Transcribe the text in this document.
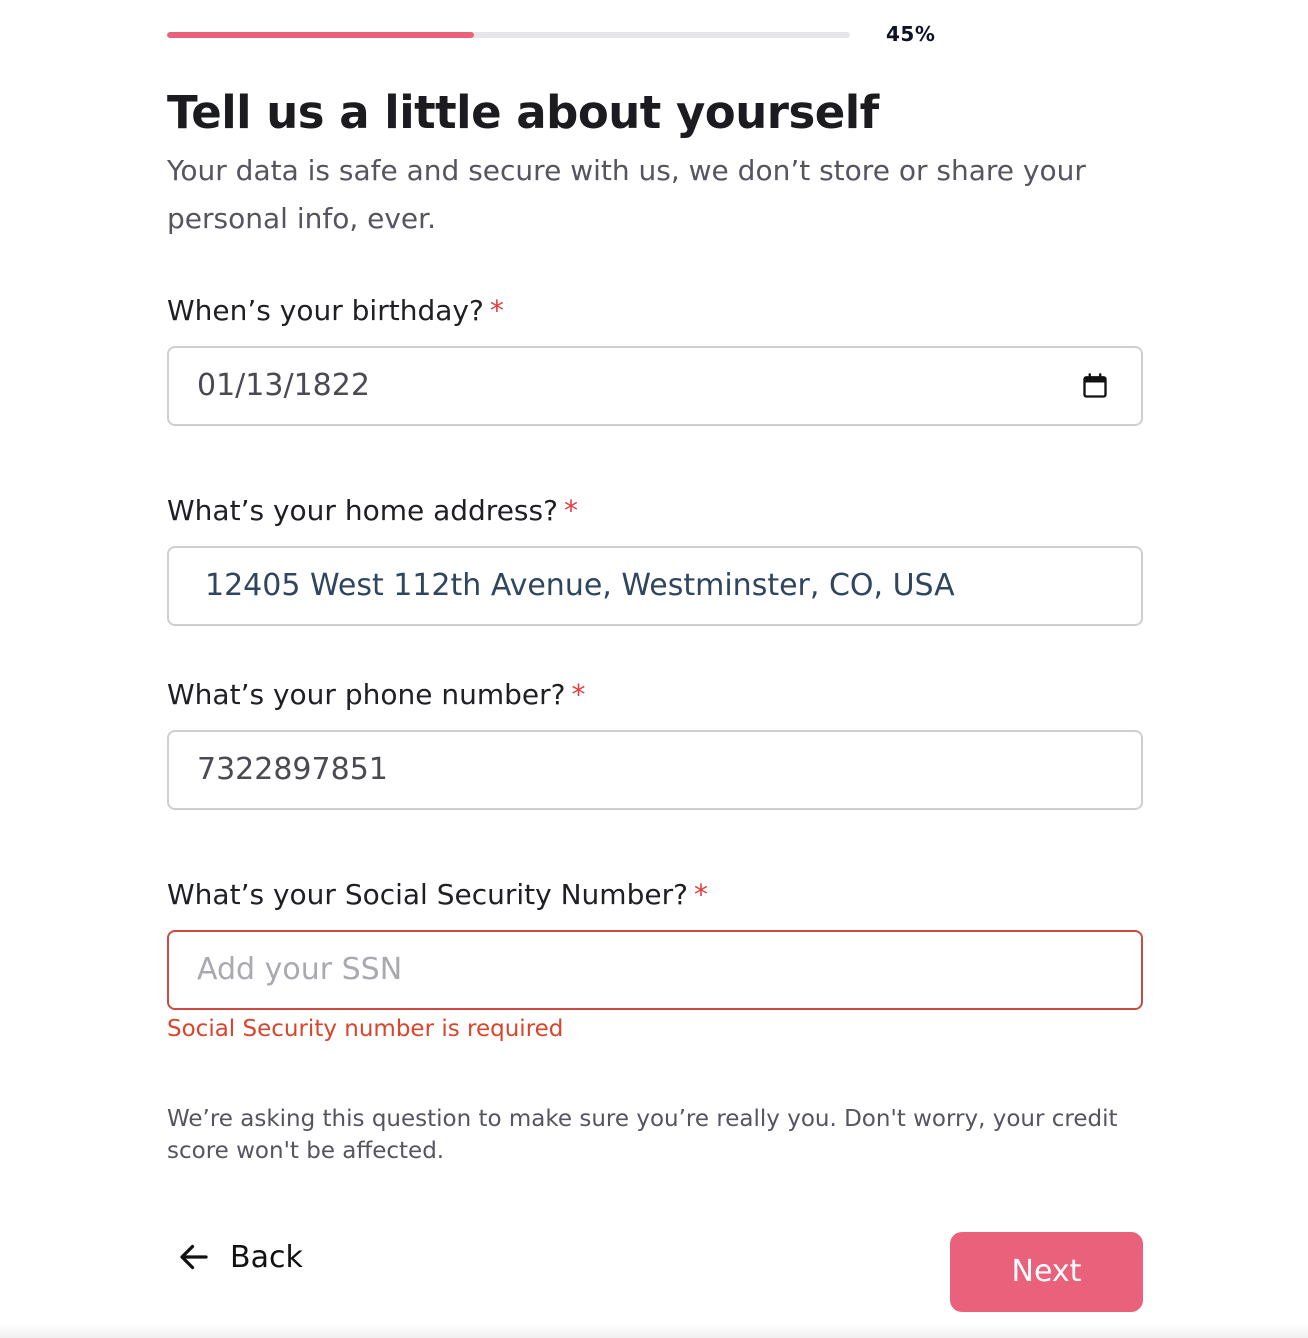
45%
Tell us a little about yourself

Your data is safe and secure with us, we don’t store or share your personal info, ever.

When’s your birthday? *
01/13/1822
What’s your home address? *
12405 West 112th Avenue, Westminster, CO, USA
What’s your phone number? *
7322897851
What’s your Social Security Number? *
Add your SSN
Social Security number is required

We’re asking this question to make sure you’re really you. Don't worry, your credit score won't be affected.

Back	Next
